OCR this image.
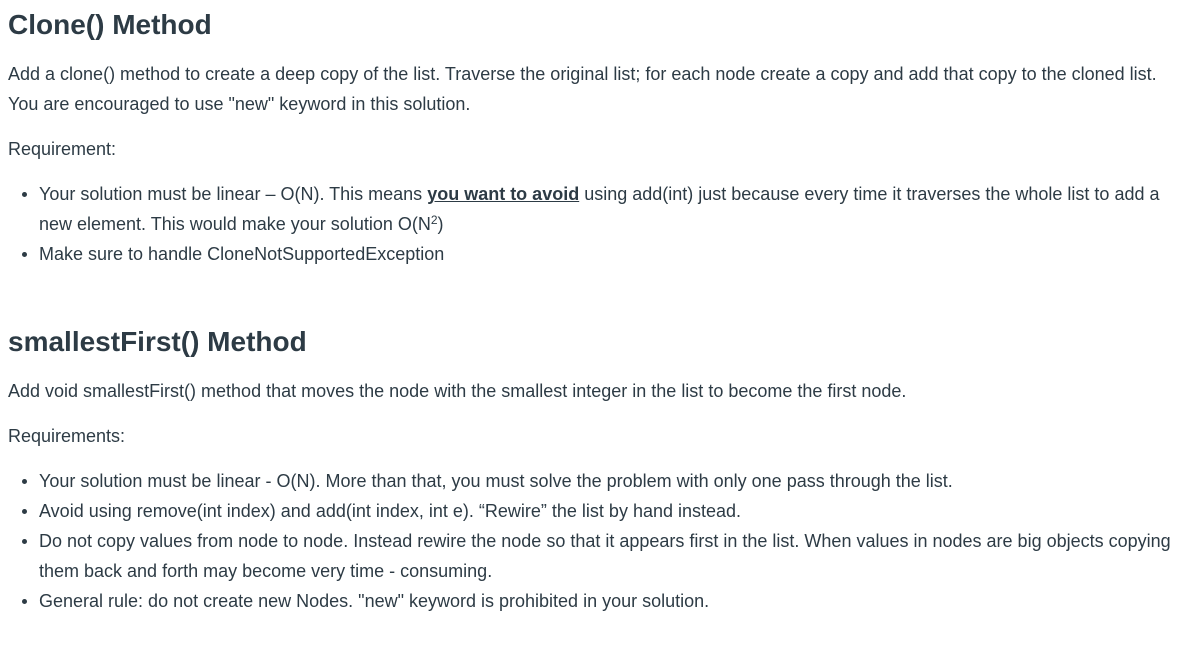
Clone() Method

Add a clone() method to create a deep copy of the list. Traverse the original list; for each node create a copy and add that copy to the cloned list. You are encouraged to use "new" keyword in this solution.

Requirement:

Your solution must be linear – O(N). This means you want to avoid using add(int) just because every time it traverses the whole list to add a new element. This would make your solution $O(N^2)$
Make sure to handle CloneNotSupportedException
smallestFirst() Method

Add void smallestFirst() method that moves the node with the smallest integer in the list to become the first node.

Requirements:

Your solution must be linear - O(N). More than that, you must solve the problem with only one pass through the list.
Avoid using remove(int index) and add(int index, int e). “Rewire” the list by hand instead.
Do not copy values from node to node. Instead rewire the node so that it appears first in the list. When values in nodes are big objects copying them back and forth may become very time - consuming.
General rule: do not create new Nodes. "new" keyword is prohibited in your solution.
